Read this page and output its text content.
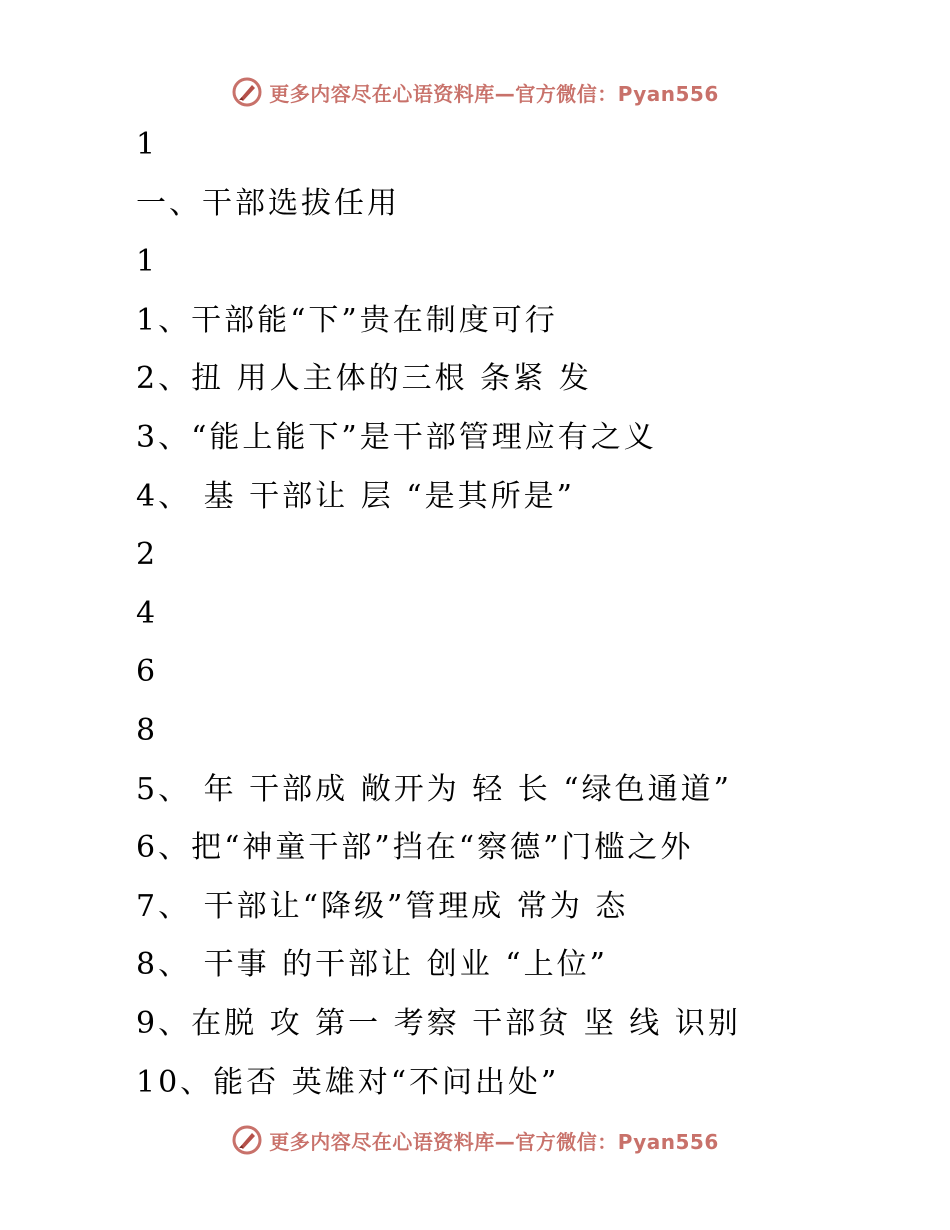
更多内容尽在心语资料库—官方微信：Pyan556
1
一、干部选拔任用
1
1、干部能“下”贵在制度可行
2、扭 用人主体的三根 条紧 发
3、“能上能下”是干部管理应有之义
4、 基 干部让 层 “是其所是”
2
4
6
8
5、 年 干部成 敞开为 轻 长 “绿色通道”
6、把“神童干部”挡在“察德”门槛之外
7、 干部让“降级”管理成 常为 态
8、 干事 的干部让 创业 “上位”
9、在脱 攻 第一 考察 干部贫 坚 线 识别
10、能否 英雄对“不问出处”
更多内容尽在心语资料库—官方微信：Pyan556
